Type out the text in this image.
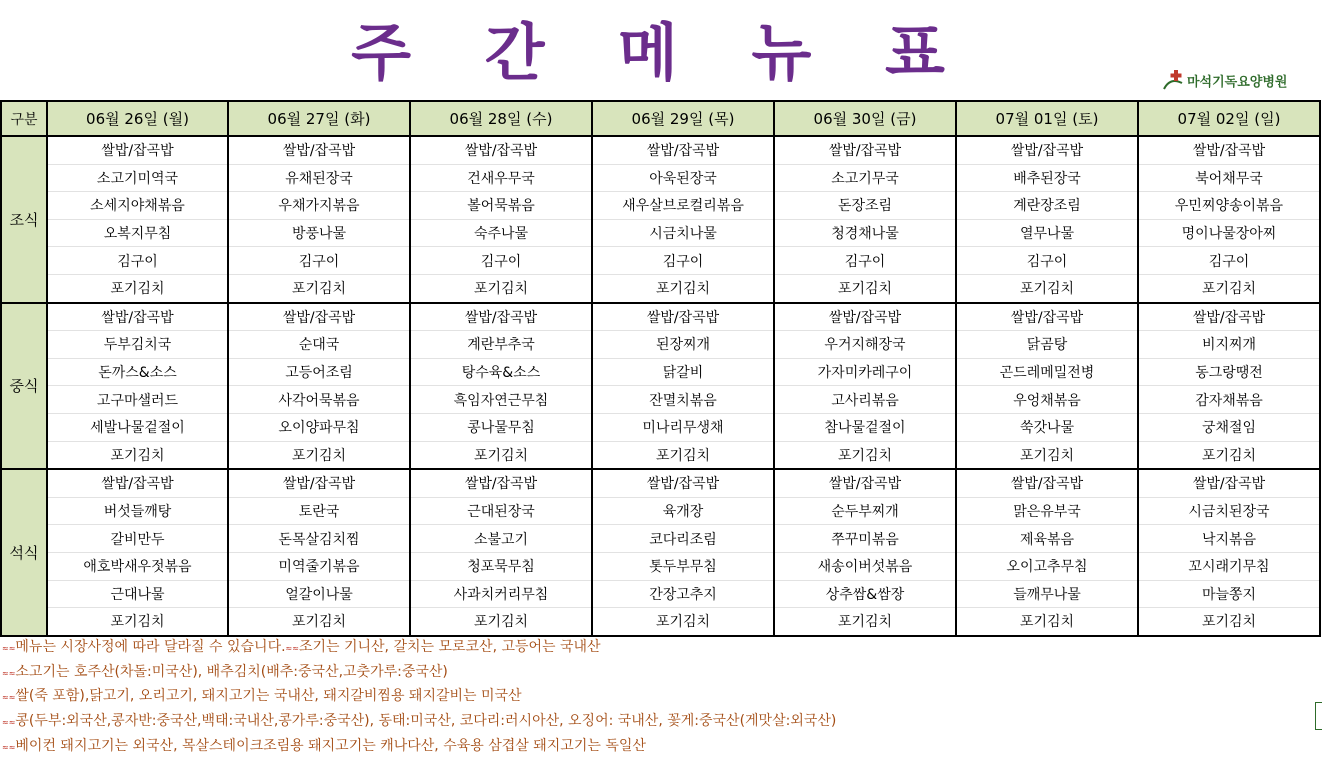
주 간 메 뉴 표	마석기독요양병원
구분	06월 26일 (월)	06월 27일 (화)	06월 28일 (수)	06월 29일 (목)	06월 30일 (금)	07월 01일 (토)	07월 02일 (일)
조식	쌀밥/잡곡밥	쌀밥/잡곡밥	쌀밥/잡곡밥	쌀밥/잡곡밥	쌀밥/잡곡밥	쌀밥/잡곡밥	쌀밥/잡곡밥
	소고기미역국	유채된장국	건새우무국	아욱된장국	소고기무국	배추된장국	북어채무국
	소세지야채볶음	우채가지볶음	볼어묵볶음	새우살브로컬리볶음	돈장조림	계란장조림	우민찌양송이볶음
	오복지무침	방풍나물	숙주나물	시금치나물	청경채나물	열무나물	명이나물장아찌
	김구이	김구이	김구이	김구이	김구이	김구이	김구이
	포기김치	포기김치	포기김치	포기김치	포기김치	포기김치	포기김치
중식	쌀밥/잡곡밥	쌀밥/잡곡밥	쌀밥/잡곡밥	쌀밥/잡곡밥	쌀밥/잡곡밥	쌀밥/잡곡밥	쌀밥/잡곡밥
	두부김치국	순대국	계란부추국	된장찌개	우거지해장국	닭곰탕	비지찌개
	돈까스&소스	고등어조림	탕수육&소스	닭갈비	가자미카레구이	곤드레메밀전병	동그랑땡전
	고구마샐러드	사각어묵볶음	흑임자연근무침	잔멸치볶음	고사리볶음	우엉채볶음	감자채볶음
	세발나물겉절이	오이양파무침	콩나물무침	미나리무생채	참나물겉절이	쑥갓나물	궁채절임
	포기김치	포기김치	포기김치	포기김치	포기김치	포기김치	포기김치
석식	쌀밥/잡곡밥	쌀밥/잡곡밥	쌀밥/잡곡밥	쌀밥/잡곡밥	쌀밥/잡곡밥	쌀밥/잡곡밥	쌀밥/잡곡밥
	버섯들깨탕	토란국	근대된장국	육개장	순두부찌개	맑은유부국	시금치된장국
	갈비만두	돈목살김치찜	소불고기	코다리조림	쭈꾸미볶음	제육볶음	낙지볶음
	애호박새우젓볶음	미역줄기볶음	청포묵무침	톳두부무침	새송이버섯볶음	오이고추무침	꼬시래기무침
	근대나물	얼갈이나물	사과치커리무침	간장고추지	상추쌈&쌈장	들깨무나물	마늘쫑지
	포기김치	포기김치	포기김치	포기김치	포기김치	포기김치	포기김치
≈≈메뉴는 시장사정에 따라 달라질 수 있습니다.≈≈조기는 기니산, 갈치는 모로코산, 고등어는 국내산
≈≈소고기는 호주산(차돌:미국산), 배추김치(배추:중국산,고춧가루:중국산)
≈≈쌀(죽 포함),닭고기, 오리고기, 돼지고기는 국내산, 돼지갈비찜용 돼지갈비는 미국산
≈≈콩(두부:외국산,콩자반:중국산,백태:국내산,콩가루:중국산), 동태:미국산, 코다리:러시아산, 오징어: 국내산, 꽃게:중국산(게맛살:외국산)
≈≈베이컨 돼지고기는 외국산, 목살스테이크조림용 돼지고기는 캐나다산, 수육용 삼겹살 돼지고기는 독일산
